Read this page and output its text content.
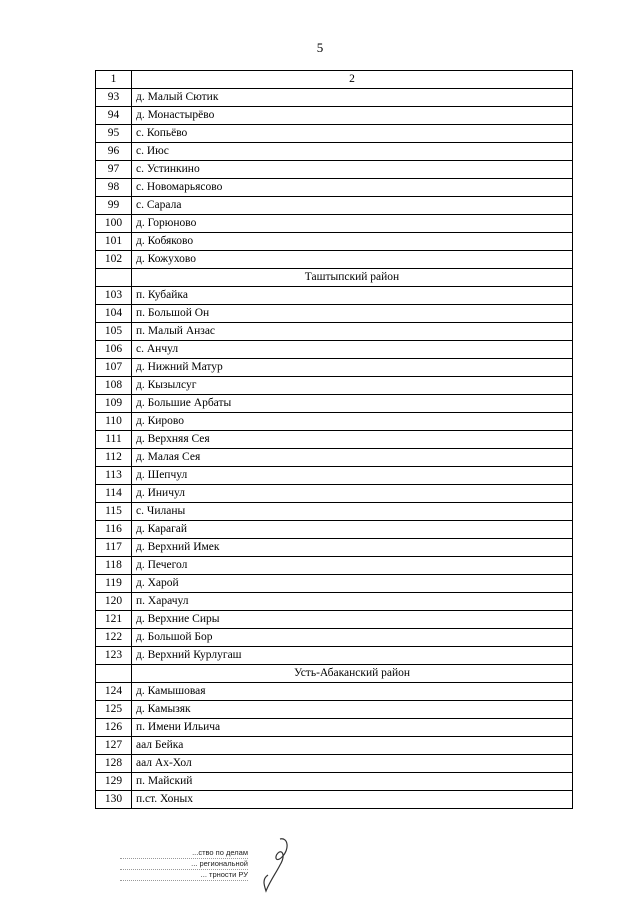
5
1	2
93	д. Малый Сютик
94	д. Монастырёво
95	с. Копьёво
96	с. Июс
97	с. Устинкино
98	с. Новомарьясово
99	с. Сарала
100	д. Горюново
101	д. Кобяково
102	д. Кожухово
	Таштыпский район
103	п. Кубайка
104	п. Большой Он
105	п. Малый Анзас
106	с. Анчул
107	д. Нижний Матур
108	д. Кызылсуг
109	д. Большие Арбаты
110	д. Кирово
111	д. Верхняя Сея
112	д. Малая Сея
113	д. Шепчул
114	д. Иничул
115	с. Чиланы
116	д. Карагай
117	д. Верхний Имек
118	д. Печегол
119	д. Харой
120	п. Харачул
121	д. Верхние Сиры
122	д. Большой Бор
123	д. Верхний Курлугаш
	Усть-Абаканский район
124	д. Камышовая
125	д. Камызяк
126	п. Имени Ильича
127	аал Бейка
128	аал Ах-Хол
129	п. Майский
130	п.ст. Хоных
...ство по делам
... региональной
... трности РУ
